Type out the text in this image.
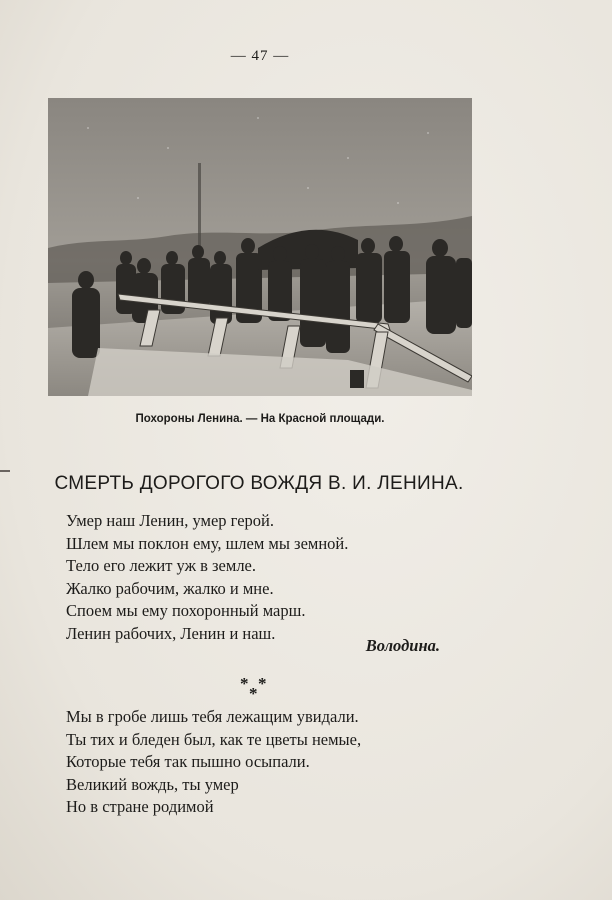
— 47 —
Похороны Ленина. — На Красной площади.
СМЕРТЬ ДОРОГОГО ВОЖДЯ В. И. ЛЕНИНА.
Умер наш Ленин, умер герой.
Шлем мы поклон ему, шлем мы земной.
Тело его лежит уж в земле.
Жалко рабочим, жалко и мне.
Споем мы ему похоронный марш.
Ленин рабочих, Ленин и наш.
Володина.
* *
*
Мы в гробе лишь тебя лежащим увидали.
Ты тих и бледен был, как те цветы немые,
Которые тебя так пышно осыпали.
Великий вождь, ты умер
Но в стране родимой
